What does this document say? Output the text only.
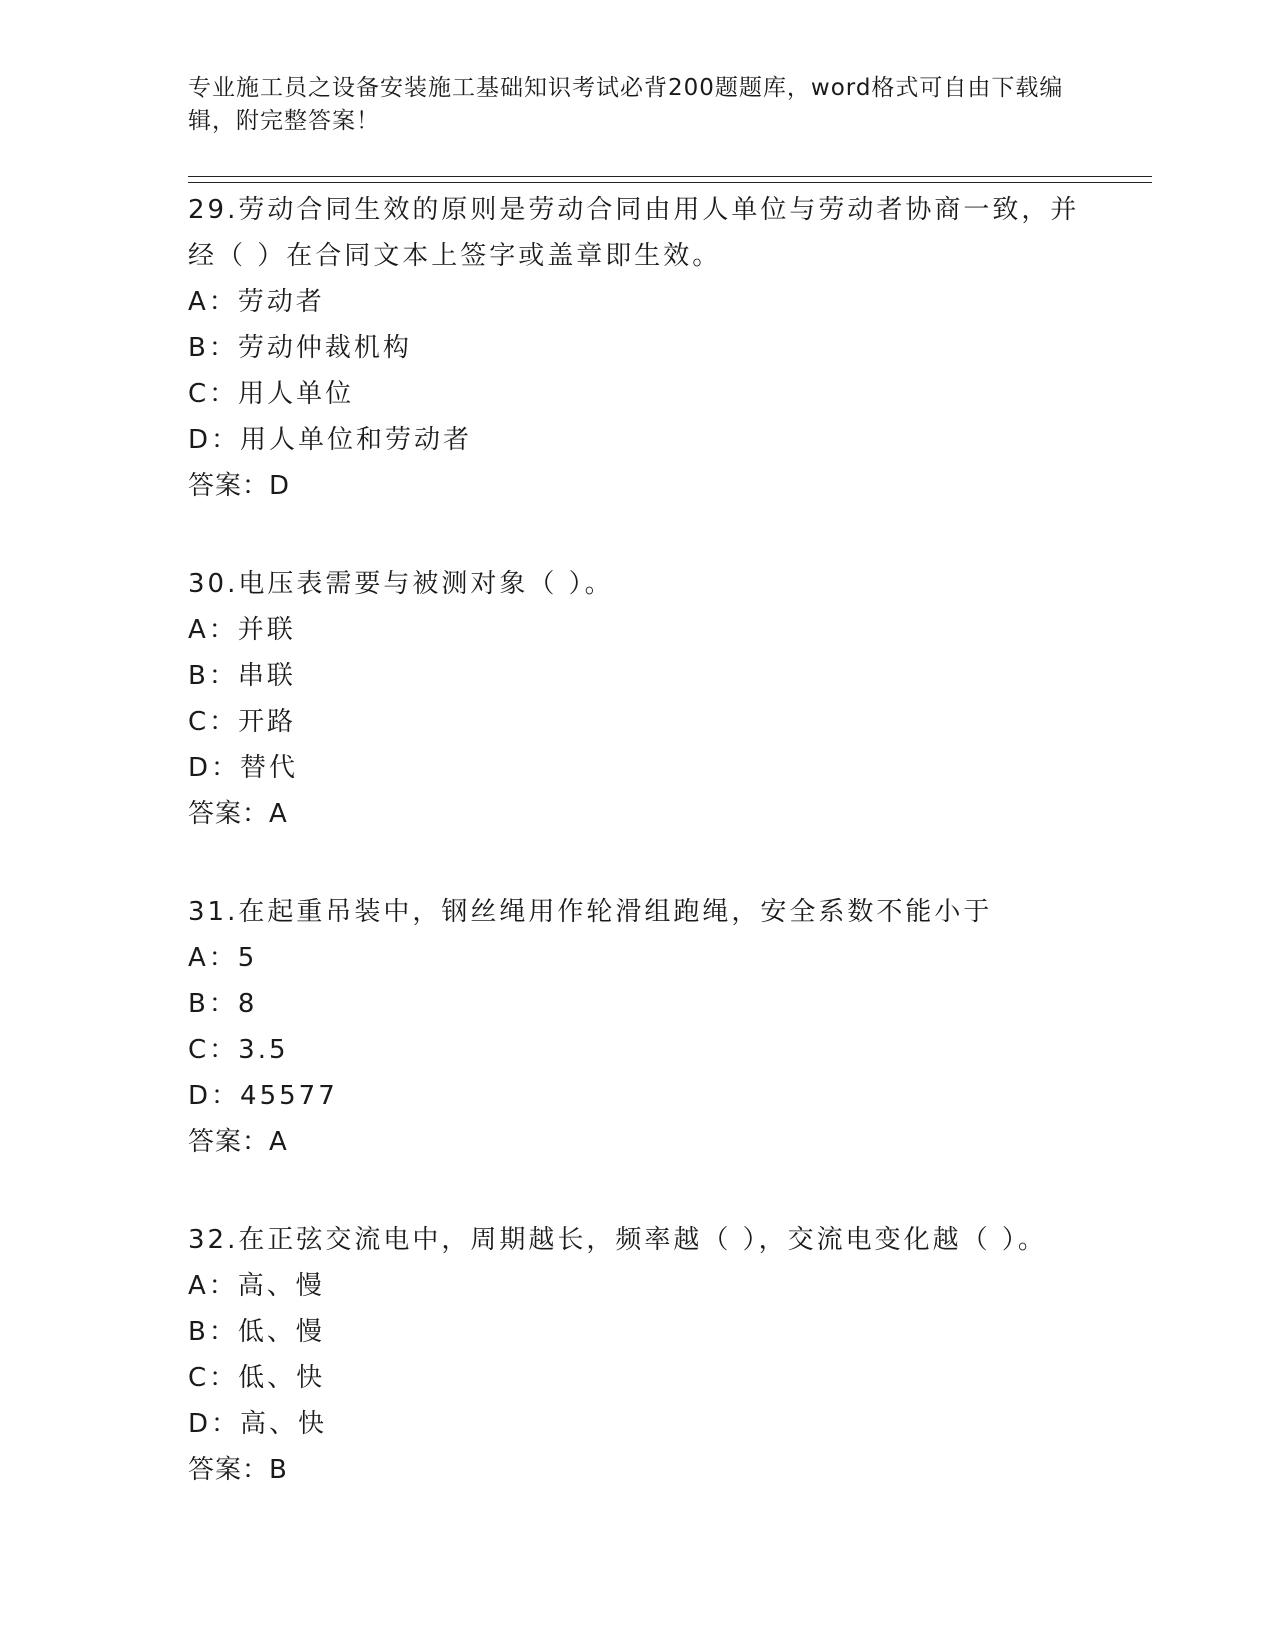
专业施工员之设备安装施工基础知识考试必背200题题库，word格式可自由下载编辑，附完整答案！
29.劳动合同生效的原则是劳动合同由用人单位与劳动者协商一致，并经（ ）在合同文本上签字或盖章即生效。
A：劳动者
B：劳动仲裁机构
C：用人单位
D：用人单位和劳动者
答案：D
30.电压表需要与被测对象（ ）。
A：并联
B：串联
C：开路
D：替代
答案：A
31.在起重吊装中，钢丝绳用作轮滑组跑绳，安全系数不能小于
A：5
B：8
C：3.5
D：45577
答案：A
32.在正弦交流电中，周期越长，频率越（ ），交流电变化越（ ）。
A：高、慢
B：低、慢
C：低、快
D：高、快
答案：B
